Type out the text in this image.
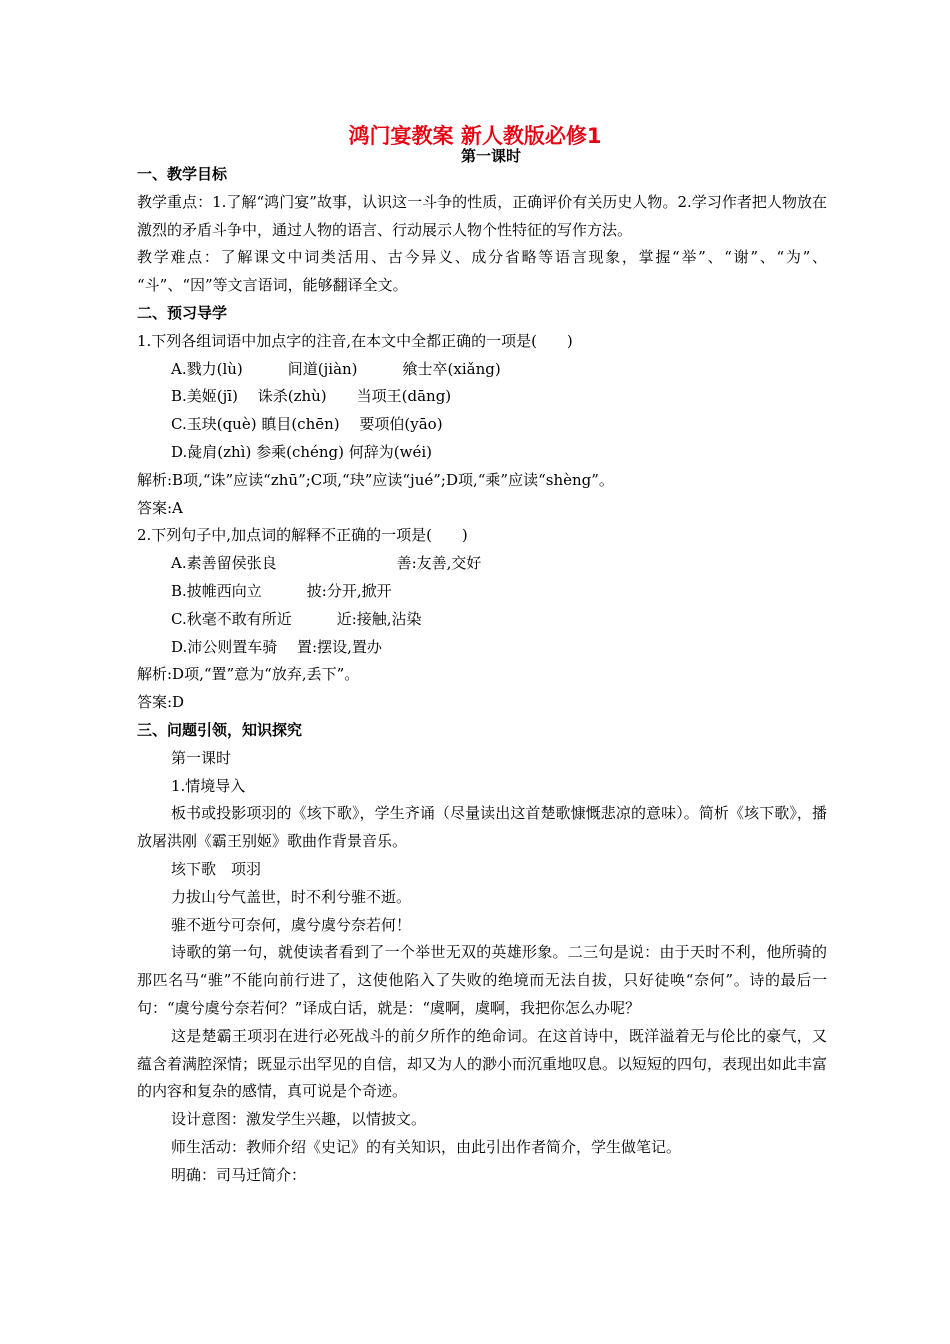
鸿门宴教案 新人教版必修1
第一课时
一、教学目标
教学重点：1.了解“鸿门宴”故事，认识这一斗争的性质，正确评价有关历史人物。2.学习作者把人物放在激烈的矛盾斗争中，通过人物的语言、行动展示人物个性特征的写作方法。
教学难点：了解课文中词类活用、古今异义、成分省略等语言现象，掌握“举”、“谢”、“为”、 “斗”、“因”等文言语词，能够翻译全文。
二、预习导学
1.下列各组词语中加点字的注音,在本文中全都正确的一项是(　　)
A.戮力(lù)　　　间道(jiàn)　　　飨士卒(xiǎng)
B.美姬(jī)　 诛杀(zhù)　　当项王(dāng)
C.玉玦(què) 瞋目(chēn)　 要项伯(yāo)
D.彘肩(zhì) 参乘(chéng) 何辞为(wéi)
解析:B项,“诛”应读“zhū”;C项,“玦”应读“jué”;D项,“乘”应读“shèng”。
答案:A
2.下列句子中,加点词的解释不正确的一项是(　　)
A.素善留侯张良　　　　　　　　善:友善,交好
B.披帷西向立　　　披:分开,掀开
C.秋毫不敢有所近　　　近:接触,沾染
D.沛公则置车骑　 置:摆设,置办
解析:D项,“置”意为“放弃,丢下”。
答案:D
三、问题引领，知识探究
第一课时
1.情境导入
板书或投影项羽的《垓下歌》，学生齐诵（尽量读出这首楚歌慷慨悲凉的意味）。简析《垓下歌》，播放屠洪刚《霸王别姬》歌曲作背景音乐。
垓下歌　项羽
力拔山兮气盖世，时不利兮骓不逝。
骓不逝兮可奈何，虞兮虞兮奈若何！
诗歌的第一句，就使读者看到了一个举世无双的英雄形象。二三句是说：由于天时不利，他所骑的那匹名马“骓”不能向前行进了，这使他陷入了失败的绝境而无法自拔，只好徒唤“奈何”。诗的最后一句：“虞兮虞兮奈若何？”译成白话，就是：“虞啊，虞啊，我把你怎么办呢？
这是楚霸王项羽在进行必死战斗的前夕所作的绝命词。在这首诗中，既洋溢着无与伦比的豪气，又蕴含着满腔深情；既显示出罕见的自信，却又为人的渺小而沉重地叹息。以短短的四句，表现出如此丰富的内容和复杂的感情，真可说是个奇迹。
设计意图：激发学生兴趣，以情披文。
师生活动：教师介绍《史记》的有关知识，由此引出作者简介，学生做笔记。
明确：司马迁简介：
